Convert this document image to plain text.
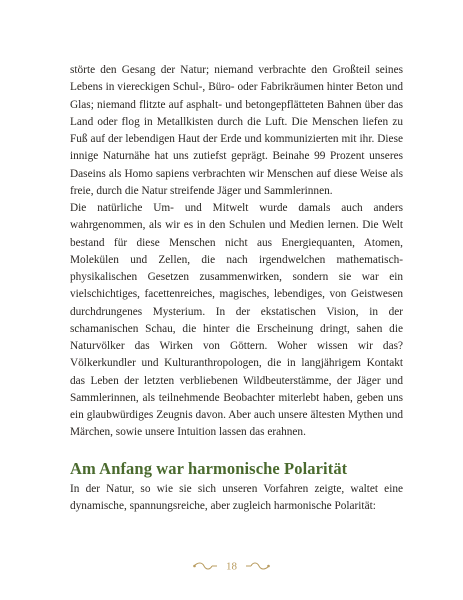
störte den Gesang der Natur; niemand verbrachte den Großteil seines Lebens in viereckigen Schul-, Büro- oder Fabrikräumen hinter Beton und Glas; niemand flitzte auf asphalt- und betongepflätteten Bahnen über das Land oder flog in Metallkisten durch die Luft. Die Menschen liefen zu Fuß auf der lebendigen Haut der Erde und kommunizierten mit ihr. Diese innige Naturnähe hat uns zutiefst geprägt. Beinahe 99 Prozent unseres Daseins als Homo sapiens verbrachten wir Menschen auf diese Weise als freie, durch die Natur streifende Jäger und Sammlerinnen.

Die natürliche Um- und Mitwelt wurde damals auch anders wahrgenommen, als wir es in den Schulen und Medien lernen. Die Welt bestand für diese Menschen nicht aus Energiequanten, Atomen, Molekülen und Zellen, die nach irgendwelchen mathematisch-physikalischen Gesetzen zusammenwirken, sondern sie war ein vielschichtiges, facettenreiches, magisches, lebendiges, von Geistwesen durchdrungenes Mysterium. In der ekstatischen Vision, in der schamanischen Schau, die hinter die Erscheinung dringt, sahen die Naturvölker das Wirken von Göttern. Woher wissen wir das? Völkerkundler und Kulturanthropologen, die in langjährigem Kontakt das Leben der letzten verbliebenen Wildbeuterstämme, der Jäger und Sammlerinnen, als teilnehmende Beobachter miterlebt haben, geben uns ein glaubwürdiges Zeugnis davon. Aber auch unsere ältesten Mythen und Märchen, sowie unsere Intuition lassen das erahnen.

Am Anfang war harmonische Polarität

In der Natur, so wie sie sich unseren Vorfahren zeigte, waltet eine dynamische, spannungsreiche, aber zugleich harmonische Polarität:

18
